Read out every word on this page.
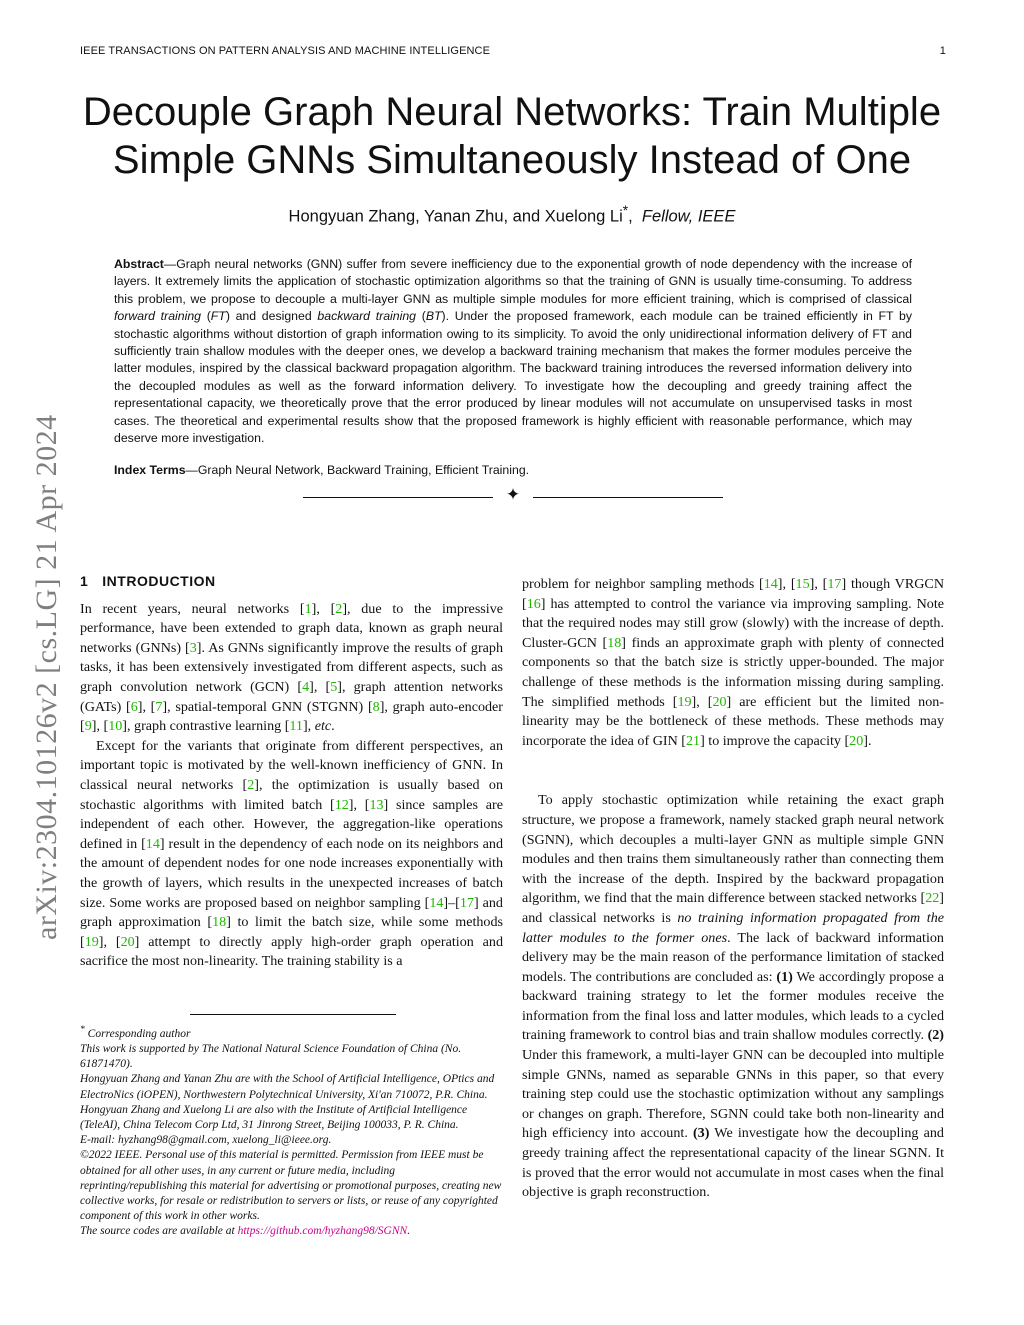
IEEE TRANSACTIONS ON PATTERN ANALYSIS AND MACHINE INTELLIGENCE	1
Decouple Graph Neural Networks: Train Multiple
Simple GNNs Simultaneously Instead of One
Hongyuan Zhang, Yanan Zhu, and Xuelong Li*, Fellow, IEEE

Abstract—Graph neural networks (GNN) suffer from severe inefficiency due to the exponential growth of node dependency with the increase of layers. It extremely limits the application of stochastic optimization algorithms so that the training of GNN is usually time-consuming. To address this problem, we propose to decouple a multi-layer GNN as multiple simple modules for more efficient training, which is comprised of classical forward training (FT) and designed backward training (BT). Under the proposed framework, each module can be trained efficiently in FT by stochastic algorithms without distortion of graph information owing to its simplicity. To avoid the only unidirectional information delivery of FT and sufficiently train shallow modules with the deeper ones, we develop a backward training mechanism that makes the former modules perceive the latter modules, inspired by the classical backward propagation algorithm. The backward training introduces the reversed information delivery into the decoupled modules as well as the forward information delivery. To investigate how the decoupling and greedy training affect the representational capacity, we theoretically prove that the error produced by linear modules will not accumulate on unsupervised tasks in most cases. The theoretical and experimental results show that the proposed framework is highly efficient with reasonable performance, which may deserve more investigation.

Index Terms—Graph Neural Network, Backward Training, Efficient Training.

✦
arXiv:2304.10126v2 [cs.LG] 21 Apr 2024 1 INTRODUCTION

In recent years, neural networks [1], [2], due to the impressive performance, have been extended to graph data, known as graph neural networks (GNNs) [3]. As GNNs significantly improve the results of graph tasks, it has been extensively investigated from different aspects, such as graph convolution network (GCN) [4], [5], graph attention networks (GATs) [6], [7], spatial-temporal GNN (STGNN) [8], graph auto-encoder [9], [10], graph contrastive learning [11], etc.

Except for the variants that originate from different perspectives, an important topic is motivated by the well-known inefficiency of GNN. In classical neural networks [2], the optimization is usually based on stochastic algorithms with limited batch [12], [13] since samples are independent of each other. However, the aggregation-like operations defined in [14] result in the dependency of each node on its neighbors and the amount of dependent nodes for one node increases exponentially with the growth of layers, which results in the unexpected increases of batch size. Some works are proposed based on neighbor sampling [14]–[17] and graph approximation [18] to limit the batch size, while some methods [19], [20] attempt to directly apply high-order graph operation and sacrifice the most non-linearity. The training stability is a

* Corresponding author

This work is supported by The National Natural Science Foundation of China (No. 61871470).

Hongyuan Zhang and Yanan Zhu are with the School of Artificial Intelligence, OPtics and ElectroNics (iOPEN), Northwestern Polytechnical University, Xi'an 710072, P.R. China. Hongyuan Zhang and Xuelong Li are also with the Institute of Artificial Intelligence (TeleAI), China Telecom Corp Ltd, 31 Jinrong Street, Beijing 100033, P. R. China.

E-mail: hyzhang98@gmail.com, xuelong_li@ieee.org.

©2022 IEEE. Personal use of this material is permitted. Permission from IEEE must be obtained for all other uses, in any current or future media, including reprinting/republishing this material for advertising or promotional purposes, creating new collective works, for resale or redistribution to servers or lists, or reuse of any copyrighted component of this work in other works.

The source codes are available at https://github.com/hyzhang98/SGNN.

problem for neighbor sampling methods [14], [15], [17] though VRGCN [16] has attempted to control the variance via improving sampling. Note that the required nodes may still grow (slowly) with the increase of depth. Cluster-GCN [18] finds an approximate graph with plenty of connected components so that the batch size is strictly upper-bounded. The major challenge of these methods is the information missing during sampling. The simplified methods [19], [20] are efficient but the limited non-linearity may be the bottleneck of these methods. These methods may incorporate the idea of GIN [21] to improve the capacity [20].

To apply stochastic optimization while retaining the exact graph structure, we propose a framework, namely stacked graph neural network (SGNN), which decouples a multi-layer GNN as multiple simple GNN modules and then trains them simultaneously rather than connecting them with the increase of the depth. Inspired by the backward propagation algorithm, we find that the main difference between stacked networks [22] and classical networks is no training information propagated from the latter modules to the former ones. The lack of backward information delivery may be the main reason of the performance limitation of stacked models. The contributions are concluded as: (1) We accordingly propose a backward training strategy to let the former modules receive the information from the final loss and latter modules, which leads to a cycled training framework to control bias and train shallow modules correctly. (2) Under this framework, a multi-layer GNN can be decoupled into multiple simple GNNs, named as separable GNNs in this paper, so that every training step could use the stochastic optimization without any samplings or changes on graph. Therefore, SGNN could take both non-linearity and high efficiency into account. (3) We investigate how the decoupling and greedy training affect the representational capacity of the linear SGNN. It is proved that the error would not accumulate in most cases when the final objective is graph reconstruction.
